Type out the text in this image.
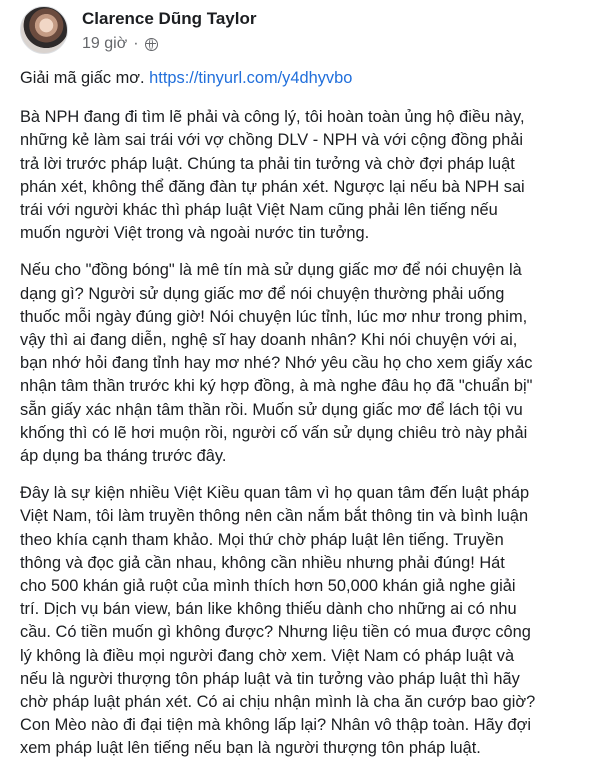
Clarence Dũng Taylor
19 giờ ·
Giải mã giấc mơ. https://tinyurl.com/y4dhyvbo

Bà NPH đang đi tìm lẽ phải và công lý, tôi hoàn toàn ủng hộ điều này,
những kẻ làm sai trái với vợ chồng DLV - NPH và với cộng đồng phải
trả lời trước pháp luật. Chúng ta phải tin tưởng và chờ đợi pháp luật
phán xét, không thể đăng đàn tự phán xét. Ngược lại nếu bà NPH sai
trái với người khác thì pháp luật Việt Nam cũng phải lên tiếng nếu
muốn người Việt trong và ngoài nước tin tưởng.

Nếu cho "đồng bóng" là mê tín mà sử dụng giấc mơ để nói chuyện là
dạng gì? Người sử dụng giấc mơ để nói chuyện thường phải uống
thuốc mỗi ngày đúng giờ! Nói chuyện lúc tỉnh, lúc mơ như trong phim,
vậy thì ai đang diễn, nghệ sĩ hay doanh nhân? Khi nói chuyện với ai,
bạn nhớ hỏi đang tỉnh hay mơ nhé? Nhớ yêu cầu họ cho xem giấy xác
nhận tâm thần trước khi ký hợp đồng, à mà nghe đâu họ đã "chuẩn bị"
sẵn giấy xác nhận tâm thần rồi. Muốn sử dụng giấc mơ để lách tội vu
khống thì có lẽ hơi muộn rồi, người cố vấn sử dụng chiêu trò này phải
áp dụng ba tháng trước đây.

Đây là sự kiện nhiều Việt Kiều quan tâm vì họ quan tâm đến luật pháp
Việt Nam, tôi làm truyền thông nên cần nắm bắt thông tin và bình luận
theo khía cạnh tham khảo. Mọi thứ chờ pháp luật lên tiếng. Truyền
thông và đọc giả cần nhau, không cần nhiều nhưng phải đúng! Hát
cho 500 khán giả ruột của mình thích hơn 50,000 khán giả nghe giải
trí. Dịch vụ bán view, bán like không thiếu dành cho những ai có nhu
cầu. Có tiền muốn gì không được? Nhưng liệu tiền có mua được công
lý không là điều mọi người đang chờ xem. Việt Nam có pháp luật và
nếu là người thượng tôn pháp luật và tin tưởng vào pháp luật thì hãy
chờ pháp luật phán xét. Có ai chịu nhận mình là cha ăn cướp bao giờ?
Con Mèo nào đi đại tiện mà không lấp lại? Nhân vô thập toàn. Hãy đợi
xem pháp luật lên tiếng nếu bạn là người thượng tôn pháp luật.
